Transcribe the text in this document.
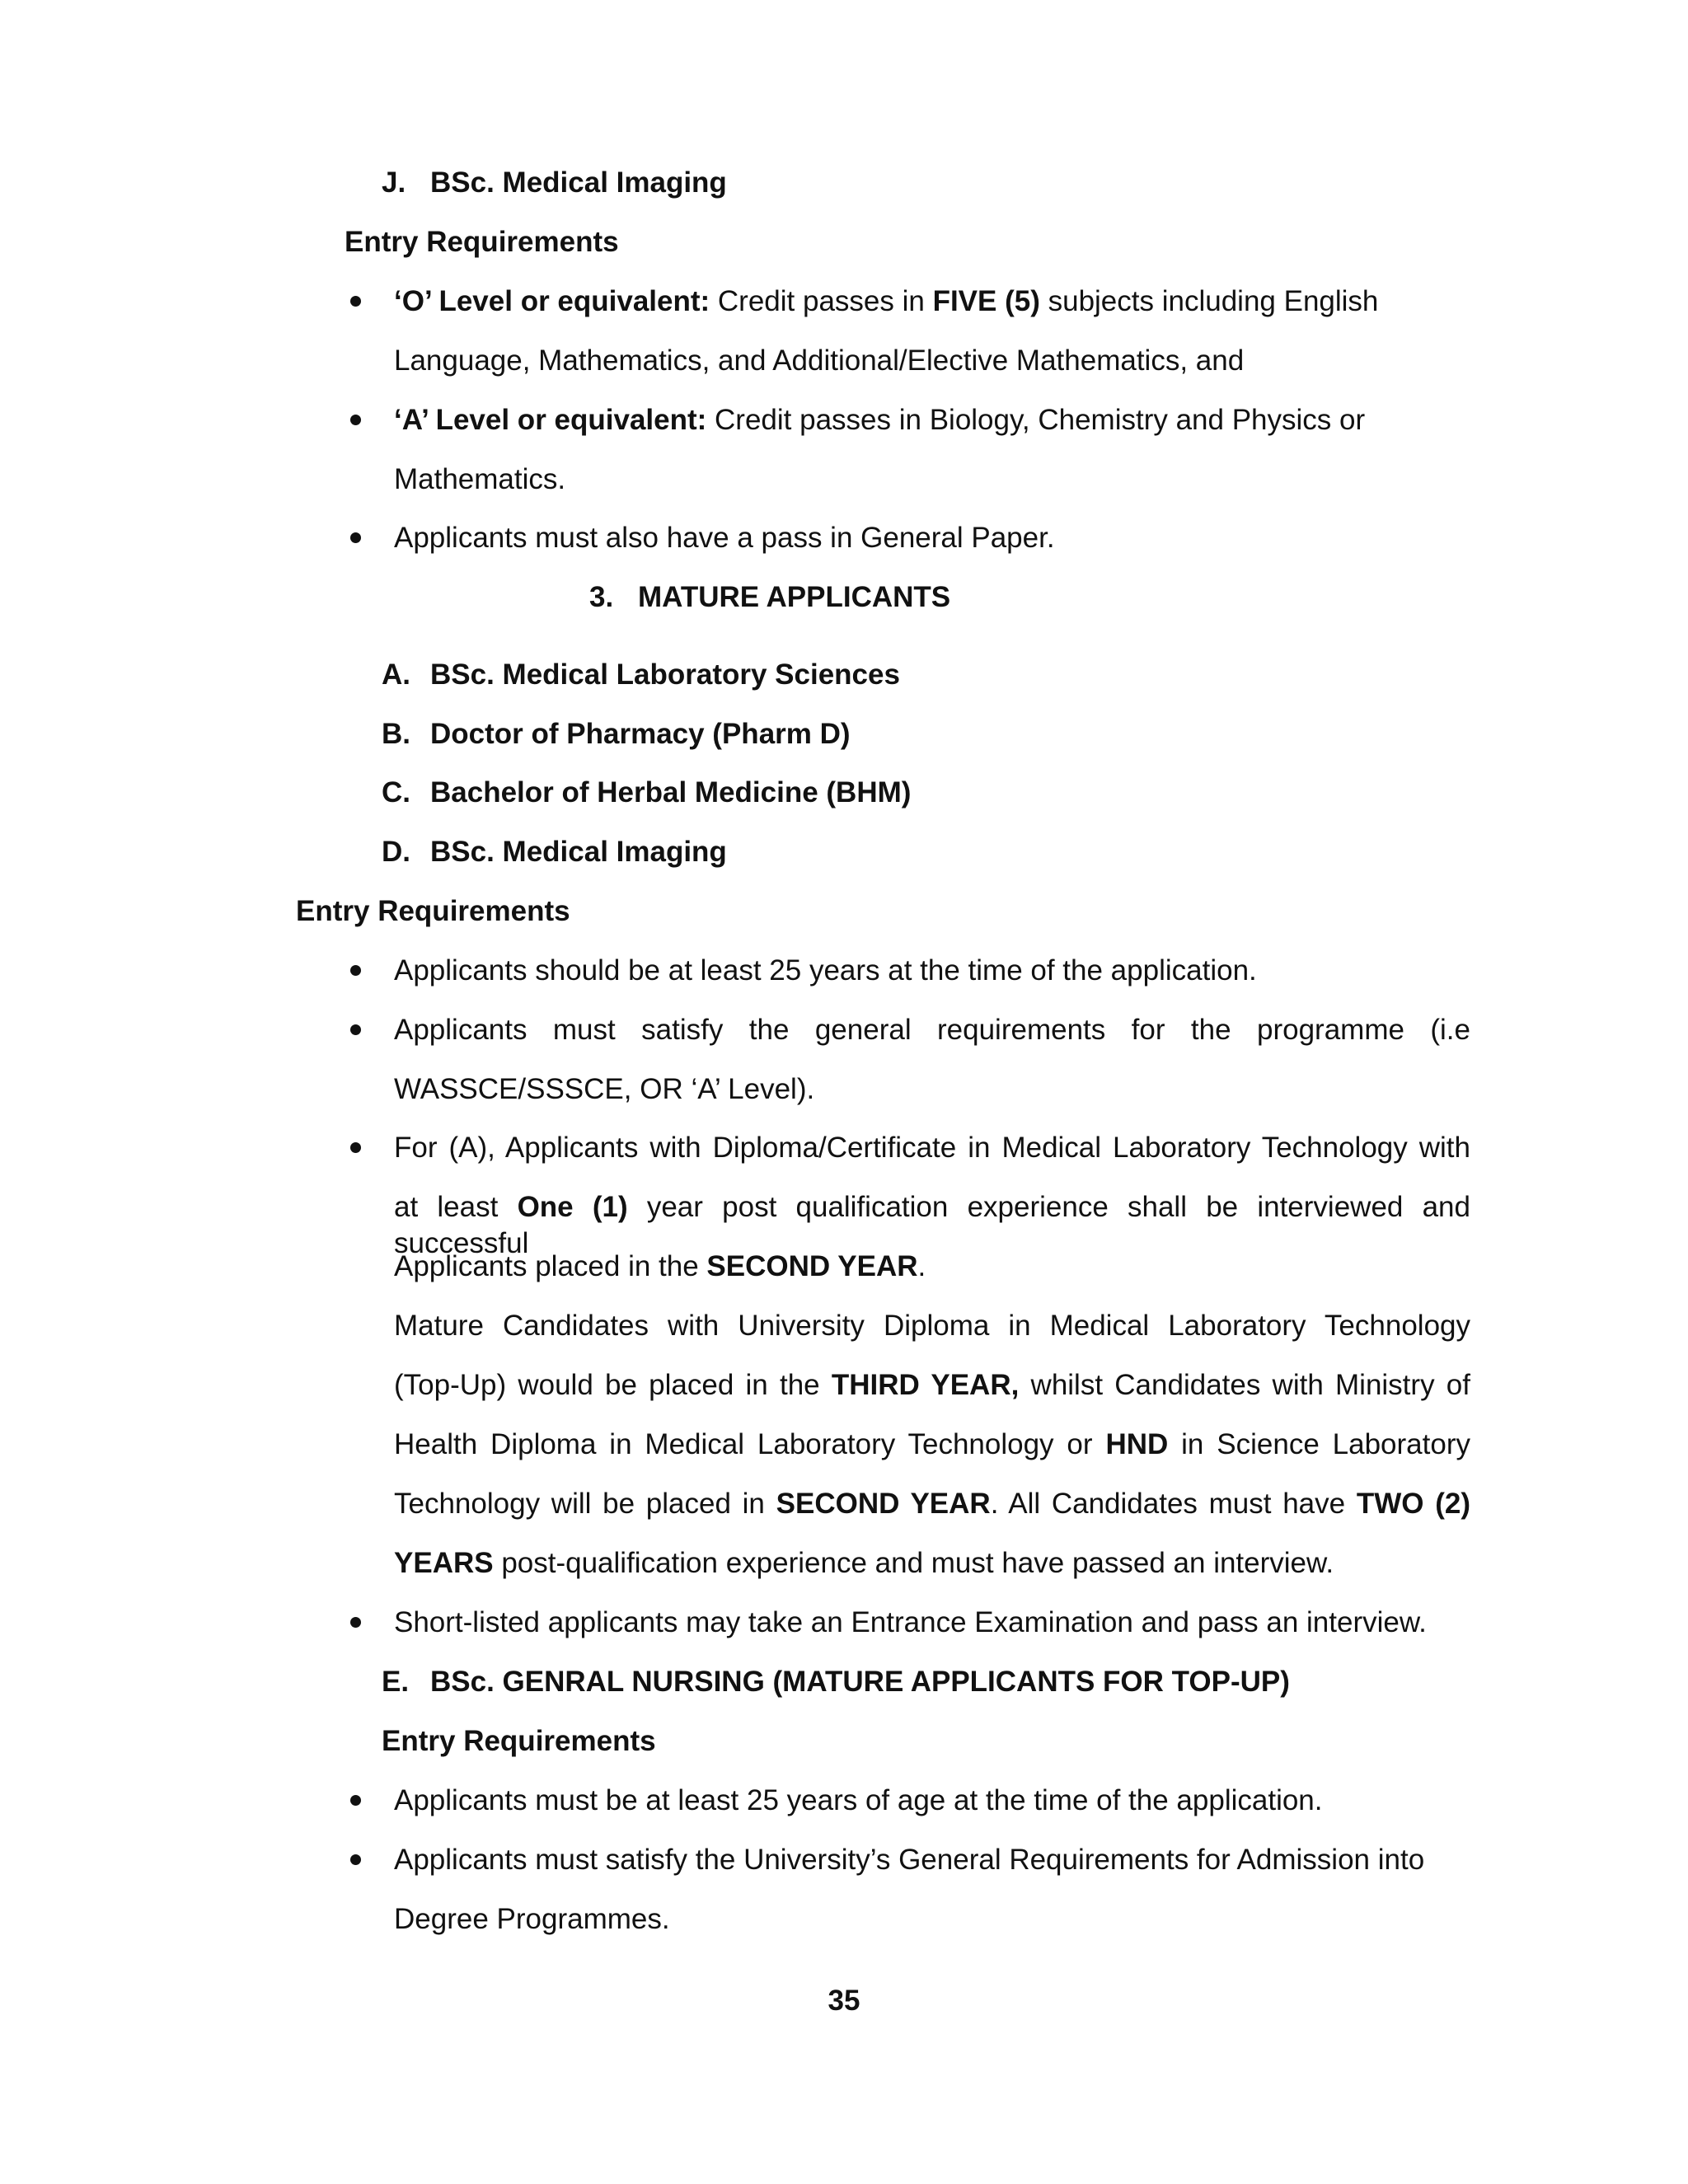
J. BSc. Medical Imaging
Entry Requirements
‘O’ Level or equivalent: Credit passes in FIVE (5) subjects including English
Language, Mathematics, and Additional/Elective Mathematics, and
‘A’ Level or equivalent: Credit passes in Biology, Chemistry and Physics or
Mathematics.
Applicants must also have a pass in General Paper.
3. MATURE APPLICANTS
A. BSc. Medical Laboratory Sciences
B. Doctor of Pharmacy (Pharm D)
C. Bachelor of Herbal Medicine (BHM)
D. BSc. Medical Imaging
Entry Requirements
Applicants should be at least 25 years at the time of the application.
Applicants must satisfy the general requirements for the programme (i.e
WASSCE/SSSCE, OR ‘A’ Level).
For (A), Applicants with Diploma/Certificate in Medical Laboratory Technology with
at least One (1) year post qualification experience shall be interviewed and successful
Applicants placed in the SECOND YEAR.
Mature Candidates with University Diploma in Medical Laboratory Technology
(Top-Up) would be placed in the THIRD YEAR, whilst Candidates with Ministry of
Health Diploma in Medical Laboratory Technology or HND in Science Laboratory
Technology will be placed in SECOND YEAR. All Candidates must have TWO (2)
YEARS post-qualification experience and must have passed an interview.
Short-listed applicants may take an Entrance Examination and pass an interview.
E. BSc. GENRAL NURSING (MATURE APPLICANTS FOR TOP-UP)
Entry Requirements
Applicants must be at least 25 years of age at the time of the application.
Applicants must satisfy the University’s General Requirements for Admission into
Degree Programmes.
35
